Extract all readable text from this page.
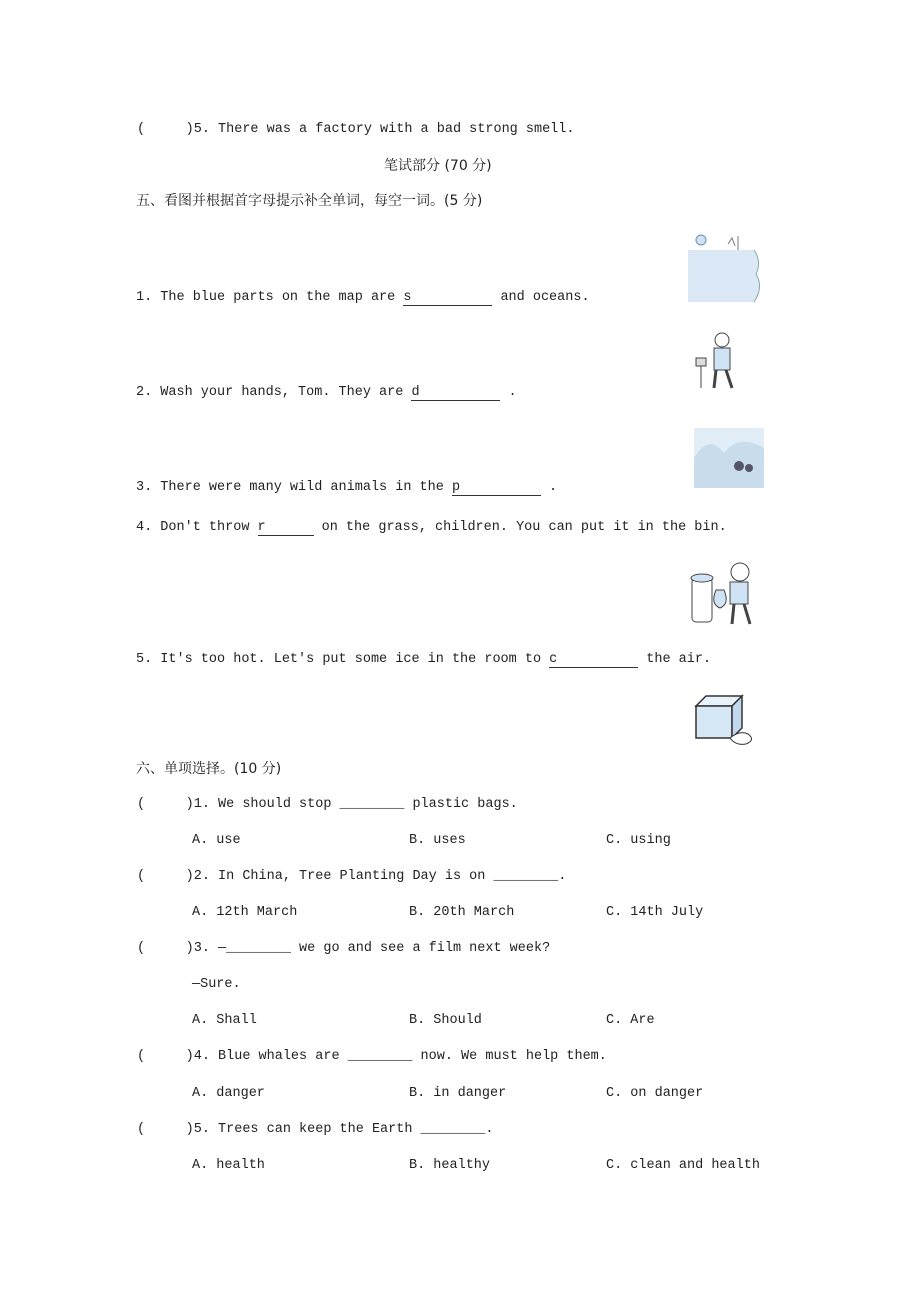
(     )5. There was a factory with a bad strong smell.
笔试部分 (70 分)
五、看图并根据首字母提示补全单词，每空一词。(5 分)
1. The blue parts on the map are s	and oceans.
2. Wash your hands, Tom. They are d	.
3. There were many wild animals in the p	.
4. Don't throw r	on the grass, children. You can put it in the bin.
5. It's too hot. Let's put some ice in the room to c	the air.
六、单项选择。(10 分)
(     )1. We should stop ________ plastic bags.
A. use	B. uses	C. using
(     )2. In China, Tree Planting Day is on ________.
A. 12th March	B. 20th March	C. 14th July
(     )3. —________ we go and see a film next week?
—Sure.
A. Shall	B. Should	C. Are
(     )4. Blue whales are ________ now. We must help them.
A. danger	B. in danger	C. on danger
(     )5. Trees can keep the Earth ________.
A. health	B. healthy	C. clean and health
